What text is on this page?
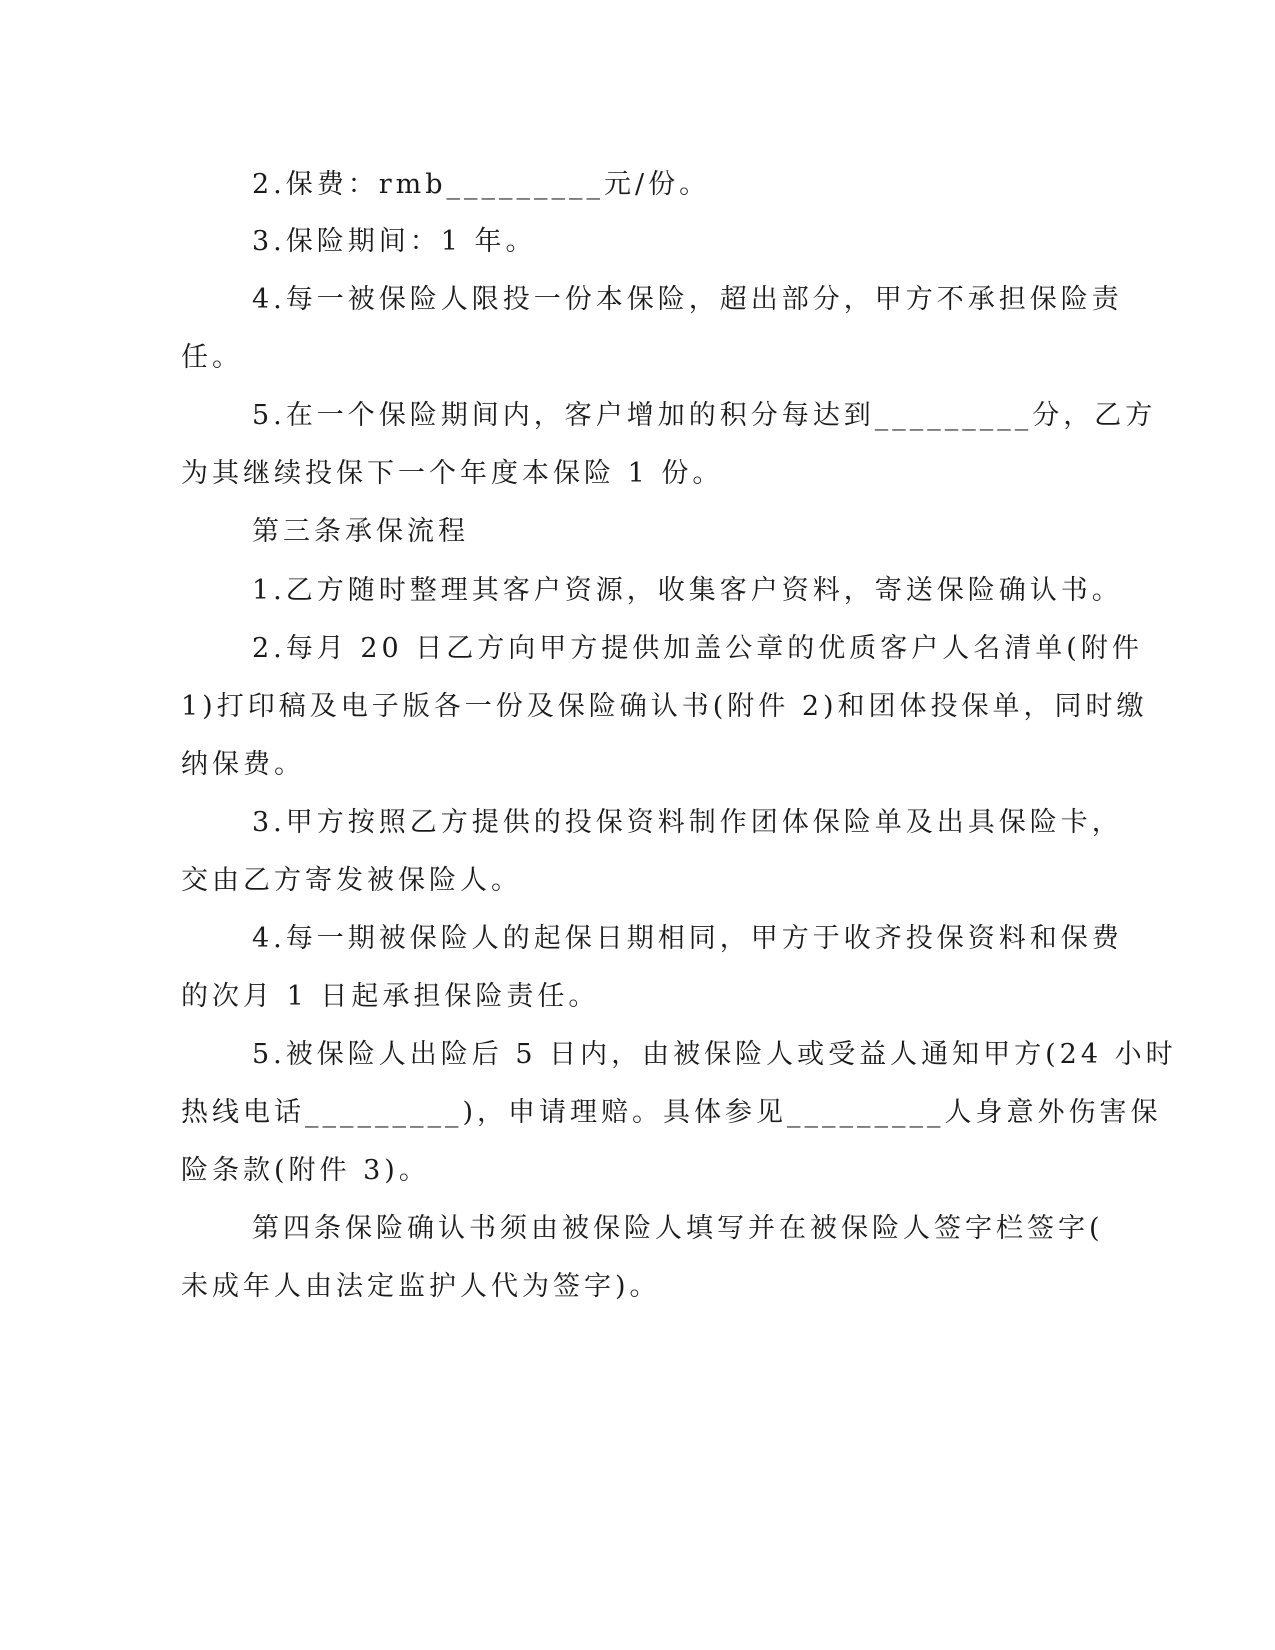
2.保费：rmb_________元/份。
3.保险期间：1 年。
4.每一被保险人限投一份本保险，超出部分，甲方不承担保险责
任。
5.在一个保险期间内，客户增加的积分每达到_________分，乙方
为其继续投保下一个年度本保险 1 份。
第三条承保流程
1.乙方随时整理其客户资源，收集客户资料，寄送保险确认书。
2.每月 20 日乙方向甲方提供加盖公章的优质客户人名清单(附件
1)打印稿及电子版各一份及保险确认书(附件 2)和团体投保单，同时缴
纳保费。
3.甲方按照乙方提供的投保资料制作团体保险单及出具保险卡，
交由乙方寄发被保险人。
4.每一期被保险人的起保日期相同，甲方于收齐投保资料和保费
的次月 1 日起承担保险责任。
5.被保险人出险后 5 日内，由被保险人或受益人通知甲方(24 小时
热线电话_________)，申请理赔。具体参见_________人身意外伤害保
险条款(附件 3)。
第四条保险确认书须由被保险人填写并在被保险人签字栏签字(
未成年人由法定监护人代为签字)。
